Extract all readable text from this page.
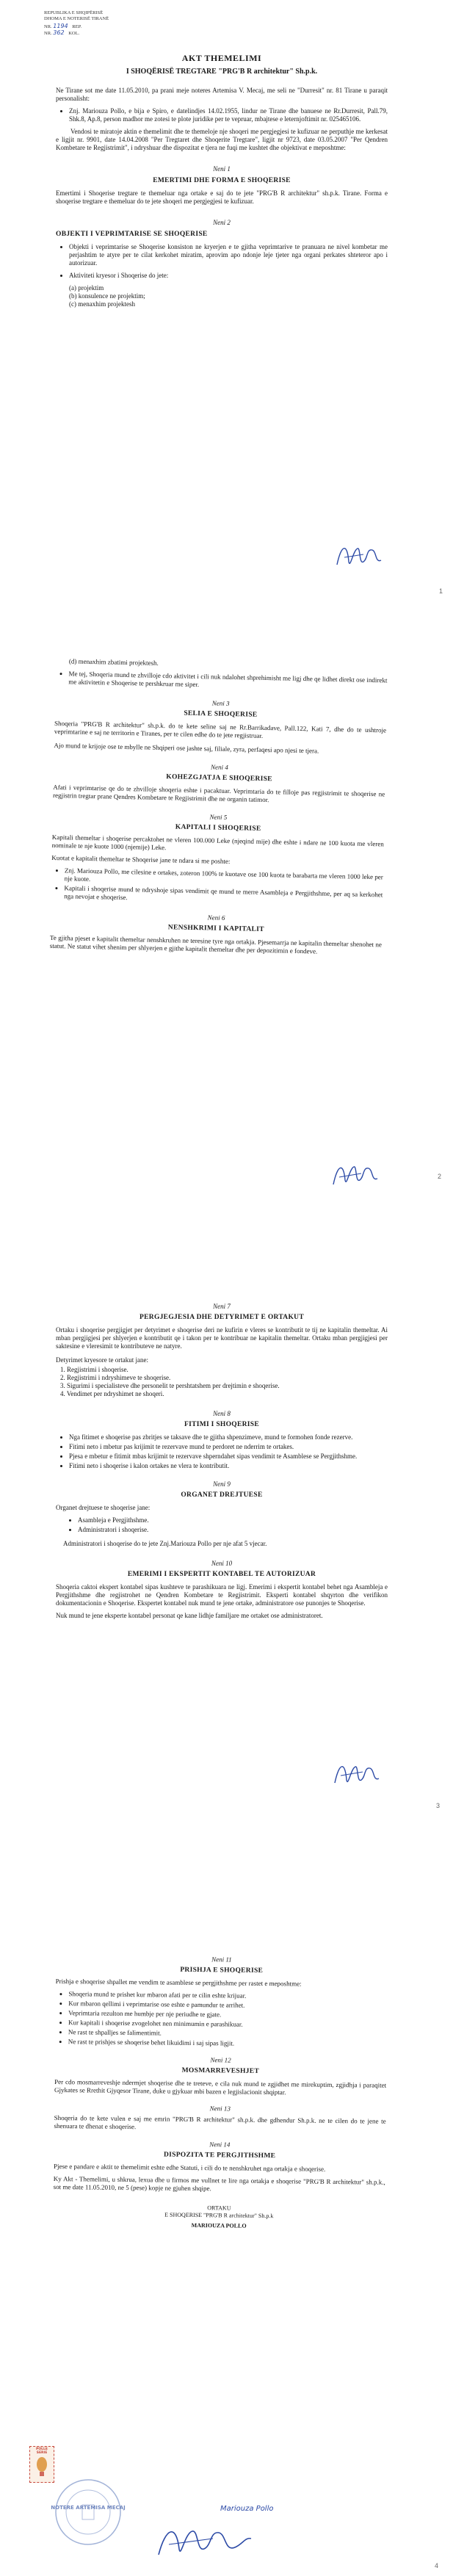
REPUBLIKA E SHQIPËRISË
DHOMA E NOTERISË TIRANË
NR. 1194 REP.
NR. 362 KOL.
AKT THEMELIMI
I SHOQËRISË TREGTARE "PRG'B R architektur" Sh.p.k.

Ne Tirane sot me date 11.05.2010, pa prani meje noteres Artemisa V. Mecaj, me seli ne "Durresit" nr. 81 Tirane u paraqit personalisht:

• Znj. Mariouza Pollo, e bija e Spiro, e datelindjes 14.02.1955, lindur ne Tirane dhe banuese ne Rr.Durresit, Pall.79, Shk.8, Ap.8, person madhor me zotesi te plote juridike per te vepruar, mbajtese e leternjoftimit nr. 025465106.

Vendosi te miratoje aktin e themelimit dhe te themeloje nje shoqeri me pergjegjesi te kufizuar ne perputhje me kerkesat e ligjit nr. 9901, date 14.04.2008 "Per Tregtaret dhe Shoqerite Tregtare", ligjit nr 9723, date 03.05.2007 "Per Qendren Kombetare te Regjistrimit", i ndryshuar dhe dispozitat e tjera ne fuqi me kushtet dhe objektivat e meposhtme:

Neni 1
EMERTIMI DHE FORMA E SHOQERISE

Emertimi i Shoqerise tregtare te themeluar nga ortake e saj do te jete "PRG'B R architektur" sh.p.k. Tirane. Forma e shoqerise tregtare e themeluar do te jete shoqeri me pergjegjesi te kufizuar.

Neni 2
OBJEKTI I VEPRIMTARISE SE SHOQERISE
• Objekti i veprimtarise se Shoqerise konsiston ne kryerjen e te gjitha veprimtarive te pranuara ne nivel kombetar me perjashtim te atyre per te cilat kerkohet miratim, aprovim apo ndonje leje tjeter nga organi perkates shteteror apo i autorizuar.
• Aktiviteti kryesor i Shoqerise do jete:
(a) projektim
(b) konsulence ne projektim;
(c) menaxhim projektesh
1
(d) menaxhim zbatimi projektesh.
• Me tej, Shoqeria mund te zhvilloje cdo aktivitet i cili nuk ndalohet shprehimisht me ligj dhe qe lidhet direkt ose indirekt me aktivitetin e Shoqerise te pershkruar me siper.
Neni 3
SELIA E SHOQERISE

Shoqeria "PRG'B R architektur" sh.p.k. do te kete seline saj ne Rr.Barrikadave, Pall.122, Kati 7, dhe do te ushtroje veprimtarine e saj ne territorin e Tiranes, per te cilen edhe do te jete regjistruar.

Ajo mund te krijoje ose te mbylle ne Shqiperi ose jashte saj, filiale, zyra, perfaqesi apo njesi te tjera.

Neni 4
KOHEZGJATJA E SHOQERISE

Afati i veprimtarise qe do te zhvilloje shoqeria eshte i pacaktuar. Veprimtaria do te filloje pas regjistrimit te shoqerise ne regjistrin tregtar prane Qendres Kombetare te Regjistrimit dhe ne organin tatimor.

Neni 5
KAPITALI I SHOQERISE

Kapitali themeltar i shoqerise percaktohet ne vleren 100.000 Leke (njeqind mije) dhe eshte i ndare ne 100 kuota me vleren nominale te nje kuote 1000 (njemije) Leke.

Kuotat e kapitalit themeltar te Shoqerise jane te ndara si me poshte:

• Znj. Mariouza Pollo, me cilesine e ortakes, zoteron 100% te kuotave ose 100 kuota te barabarta me vleren 1000 leke per nje kuote.
• Kapitali i shoqerise mund te ndryshoje sipas vendimit qe mund te merre Asambleja e Pergjithshme, per aq sa kerkohet nga nevojat e shoqerise.
Neni 6
NENSHKRIMI I KAPITALIT

Te gjitha pjeset e kapitalit themeltar nenshkruhen ne teresine tyre nga ortakja. Pjesemarrja ne kapitalin themeltar shenohet ne statut. Ne statut vihet shenim per shlyerjen e gjithe kapitalit themeltar dhe per depozitimin e fondeve.

2
Neni 7
PERGJEGJESIA DHE DETYRIMET E ORTAKUT

Ortaku i shoqerise pergjigjet per detyrimet e shoqerise deri ne kufirin e vleres se kontributit te tij ne kapitalin themeltar. Ai mban pergjigjesi per shlyerjen e kontributit qe i takon per te kontribuar ne kapitalin themeltar. Ortaku mban pergjigjesi per saktesine e vleresimit te kontributeve ne natyre.

Detyrimet kryesore te ortakut jane:

1. Regjistrimi i shoqerise.
2. Regjistrimi i ndryshimeve te shoqerise.
3. Sigurimi i specialisteve dhe personelit te pershtatshem per drejtimin e shoqerise.
4. Vendimet per ndryshimet ne shoqeri.
Neni 8
FITIMI I SHOQERISE
• Nga fitimet e shoqerise pas zbritjes se taksave dhe te gjitha shpenzimeve, mund te formohen fonde rezerve.
• Fitimi neto i mbetur pas krijimit te rezervave mund te perdoret ne nderrim te ortakes.
• Pjesa e mbetur e fitimit mbas krijimit te rezervave shperndahet sipas vendimit te Asamblese se Pergjithshme.
• Fitimi neto i shoqerise i kalon ortakes ne vlera te kontributit.
Neni 9
ORGANET DREJTUESE

Organet drejtuese te shoqerise jane:

• Asambleja e Pergjithshme.
• Administratori i shoqerise.

Administratori i shoqerise do te jete Znj.Mariouza Pollo per nje afat 5 vjecar.

Neni 10
EMERIMI I EKSPERTIT KONTABEL TE AUTORIZUAR

Shoqeria caktoi ekspert kontabel sipas kushteve te parashikuara ne ligj. Emerimi i ekspertit kontabel behet nga Asambleja e Pergjithshme dhe regjistrohet ne Qendren Kombetare te Regjistrimit. Eksperti kontabel shqyrton dhe verifikon dokumentacionin e Shoqerise. Ekspertet kontabel nuk mund te jene ortake, administratore ose punonjes te Shoqerise.

Nuk mund te jene eksperte kontabel personat qe kane lidhje familjare me ortaket ose administratoret.

3
Neni 11
PRISHJA E SHOQERISE

Prishja e shoqerise shpallet me vendim te asamblese se pergjithshme per rastet e meposhtme:

• Shoqeria mund te prishet kur mbaron afati per te cilin eshte krijuar.
• Kur mbaron qellimi i veprimtarise ose eshte e pamundur te arrihet.
• Veprimtaria rezulton me humbje per nje periudhe te gjate.
• Kur kapitali i shoqerise zvogelohet nen minimumin e parashikuar.
• Ne rast te shpalljes se falimentimit.
• Ne rast te prishjes se shoqerise behet likuidimi i saj sipas ligjit.
Neni 12
MOSMARREVESHJET

Per cdo mosmarreveshje ndermjet shoqerise dhe te treteve, e cila nuk mund te zgjidhet me mirekuptim, zgjidhja i paraqitet Gjykates se Rrethit Gjyqesor Tirane, duke u gjykuar mbi bazen e legjislacionit shqiptar.

Neni 13

Shoqeria do te kete vulen e saj me emrin "PRG'B R architektur" sh.p.k. dhe gdhendur Sh.p.k. ne te cilen do te jene te shenuara te dhenat e shoqerise.

Neni 14
DISPOZITA TE PERGJITHSHME

Pjese e pandare e aktit te themelimit eshte edhe Statuti, i cili do te nenshkruhet nga ortakja e shoqerise.

Ky Akt - Themelimi, u shkrua, lexua dhe u firmos me vullnet te lire nga ortakja e shoqerise "PRG'B R architektur" sh.p.k., sot me date 11.05.2010, ne 5 (pese) kopje ne gjuhen shqipe.

ORTAKU
E SHOQERISE "PRG'B R architektur" Sh.p.k
MARIOUZA POLLO
Mariouza Pollo
POLLE SERIE
NOTERE ARTEMISA MECAJ
4
